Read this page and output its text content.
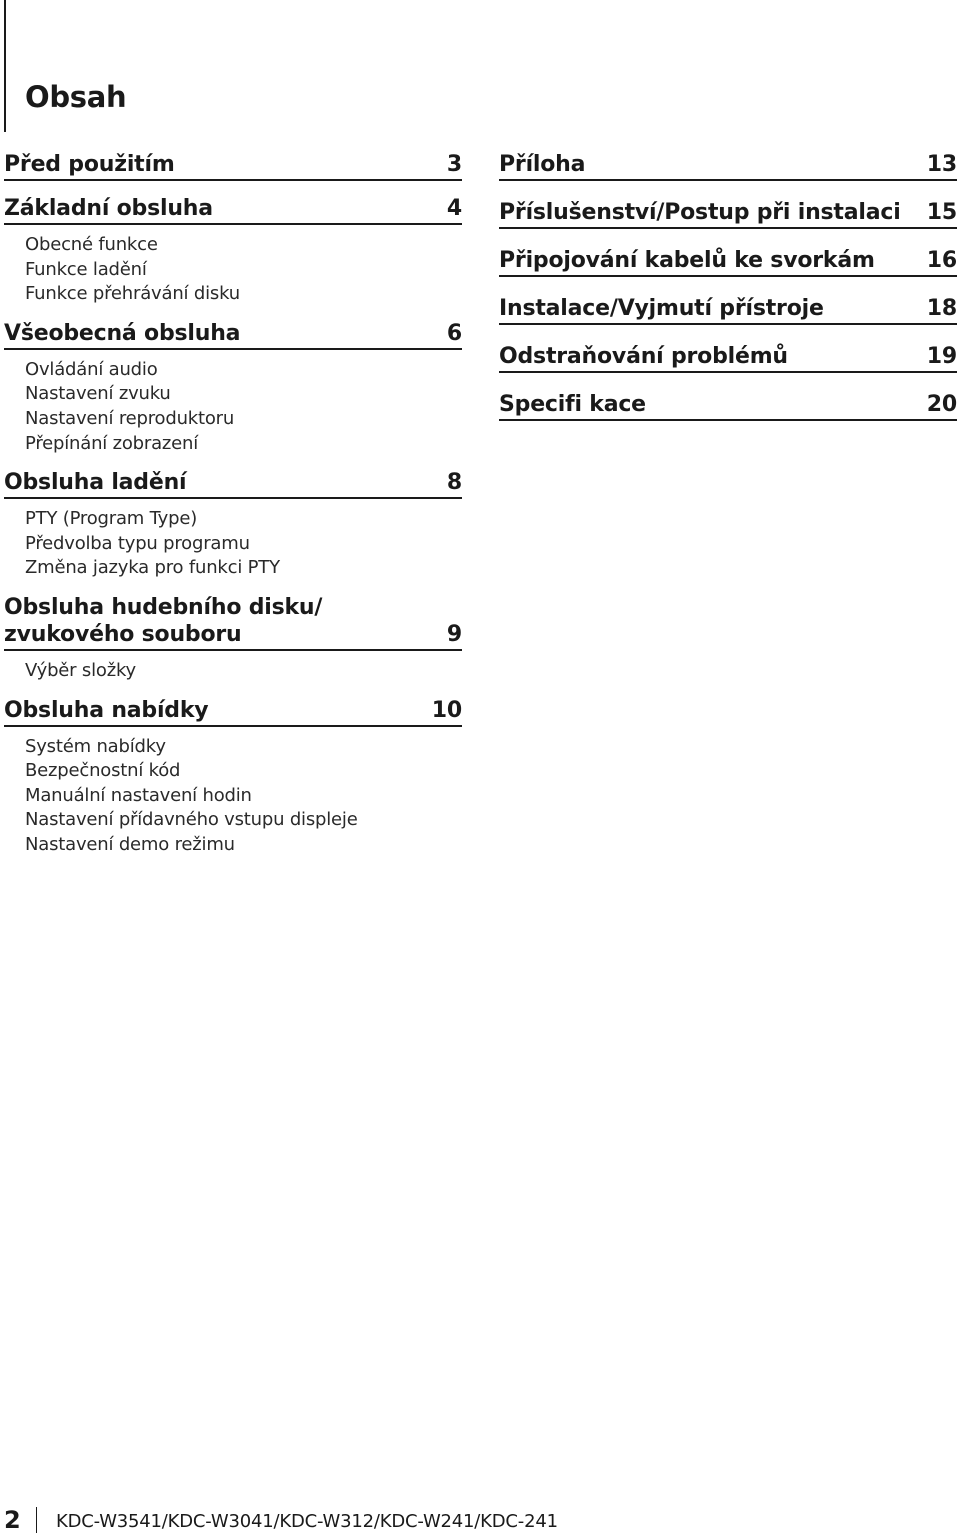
Obsah
Před použitím	3
Základní obsluha	4
Obecné funkce
Funkce ladění
Funkce přehrávání disku
Všeobecná obsluha	6
Ovládání audio
Nastavení zvuku
Nastavení reproduktoru
Přepínání zobrazení
Obsluha ladění	8
PTY (Program Type)
Předvolba typu programu
Změna jazyka pro funkci PTY
Obsluha hudebního disku/
zvukového souboru	9
Výběr složky
Obsluha nabídky	10
Systém nabídky
Bezpečnostní kód
Manuální nastavení hodin
Nastavení přídavného vstupu displeje
Nastavení demo režimu
Příloha	13
Příslušenství/Postup při instalaci	15
Připojování kabelů ke svorkám	16
Instalace/Vyjmutí přístroje	18
Odstraňování problémů	19
Specifi kace	20
2 KDC-W3541/KDC-W3041/KDC-W312/KDC-W241/KDC-241
